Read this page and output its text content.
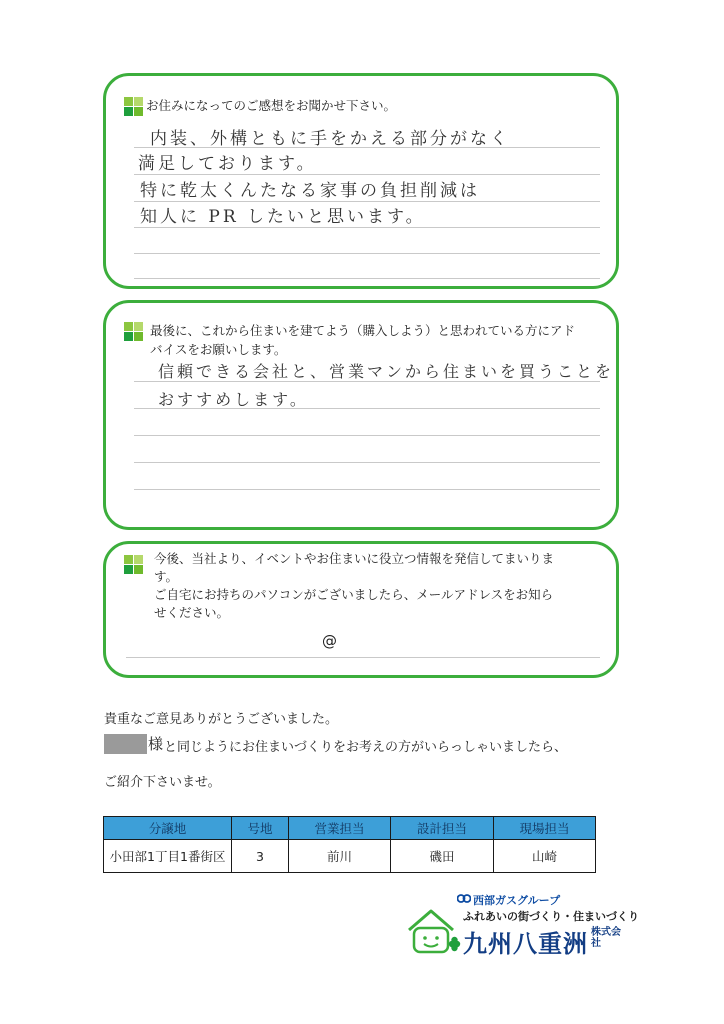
お住みになってのご感想をお聞かせ下さい。
内装、外構ともに手をかえる部分がなく
満足しております。
特に乾太くんたなる家事の負担削減は
知人に PR したいと思います。
最後に、これから住まいを建てよう（購入しよう）と思われている方にアド
バイスをお願いします。
信頼できる会社と、営業マンから住まいを買うことを
おすすめします。
今後、当社より、イベントやお住まいに役立つ情報を発信してまいりま
す。
ご自宅にお持ちのパソコンがございましたら、メールアドレスをお知ら
せください。
@
貴重なご意見ありがとうございました。
様 と同じようにお住まいづくりをお考えの方がいらっしゃいましたら、
ご紹介下さいませ。
分譲地	号地	営業担当	設計担当	現場担当
小田部1丁目1番街区	3	前川	磯田	山崎
西部ガスグループ
ふれあいの街づくり・住まいづくり
九州八重洲 株式会社
